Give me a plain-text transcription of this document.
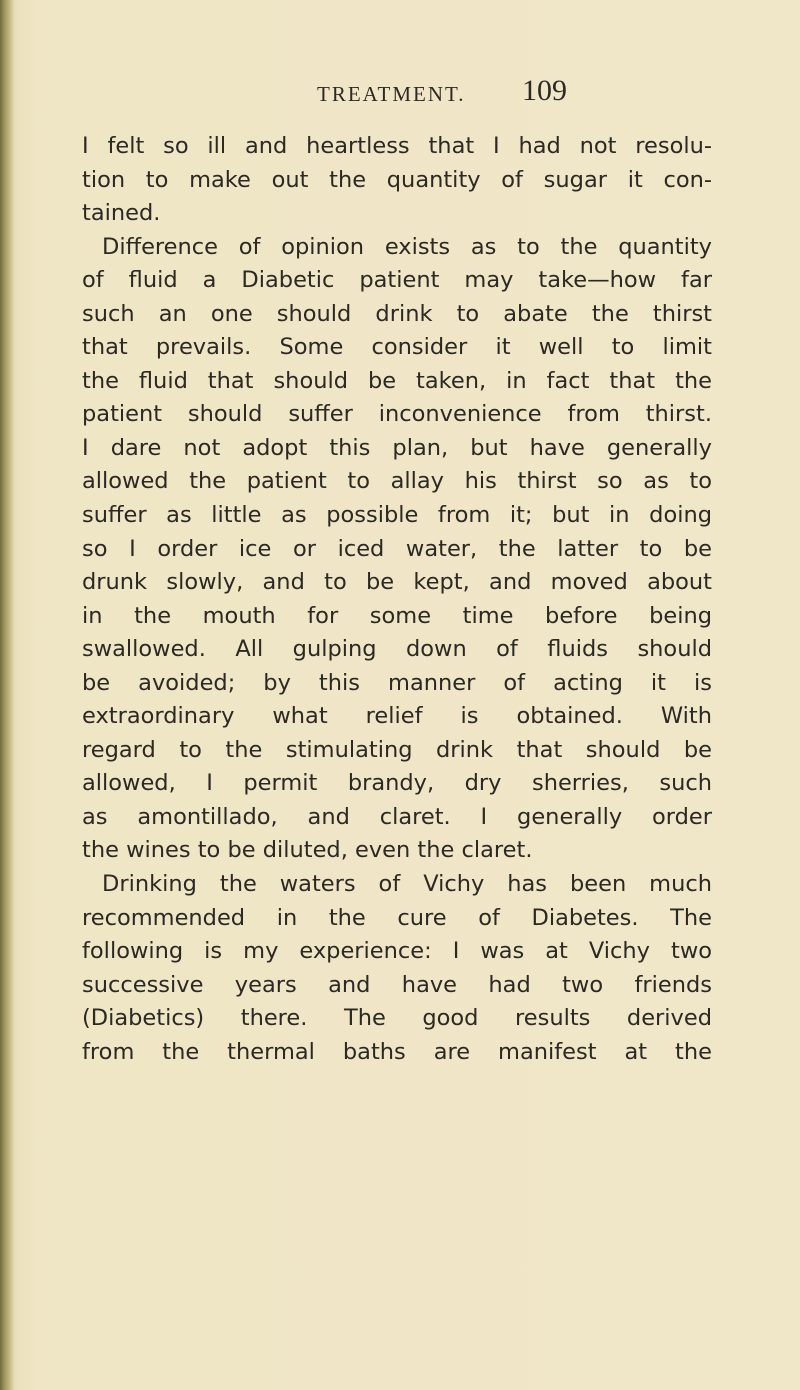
TREATMENT. 109
I felt so ill and heartless that I had not resolu-
tion to make out the quantity of sugar it con-
tained.
Difference of opinion exists as to the quantity
of fluid a Diabetic patient may take—how far
such an one should drink to abate the thirst
that prevails. Some consider it well to limit
the fluid that should be taken, in fact that the
patient should suffer inconvenience from thirst.
I dare not adopt this plan, but have generally
allowed the patient to allay his thirst so as to
suffer as little as possible from it; but in doing
so I order ice or iced water, the latter to be
drunk slowly, and to be kept, and moved about
in the mouth for some time before being
swallowed. All gulping down of fluids should
be avoided; by this manner of acting it is
extraordinary what relief is obtained. With
regard to the stimulating drink that should be
allowed, I permit brandy, dry sherries, such
as amontillado, and claret. I generally order
the wines to be diluted, even the claret.
Drinking the waters of Vichy has been much
recommended in the cure of Diabetes. The
following is my experience: I was at Vichy two
successive years and have had two friends
(Diabetics) there. The good results derived
from the thermal baths are manifest at the
